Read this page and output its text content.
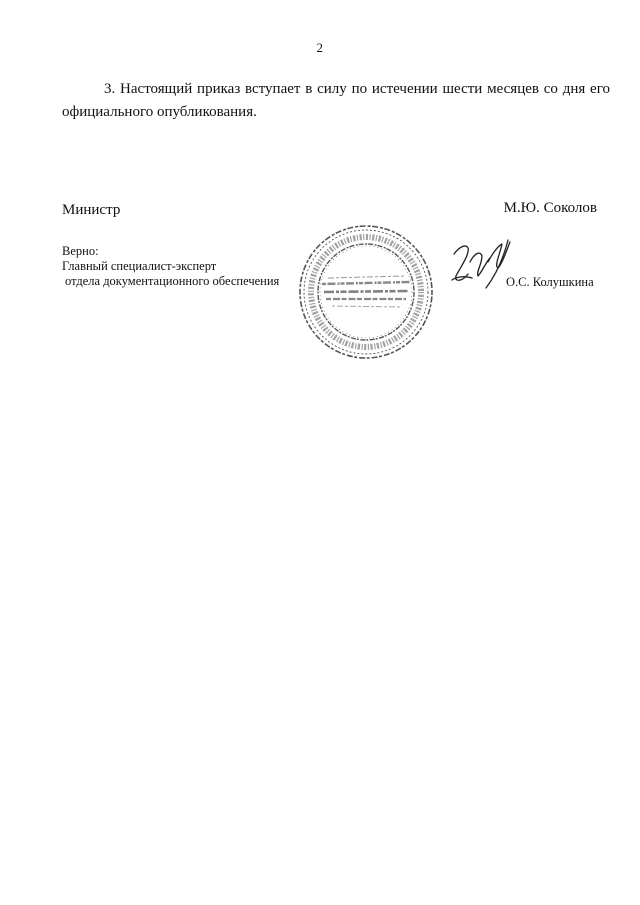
2
3. Настоящий приказ вступает в силу по истечении шести месяцев со дня его официального опубликования.
Министр	М.Ю. Соколов
Верно:
Главный специалист-эксперт
отдела документационного обеспечения	О.С. Колушкина
